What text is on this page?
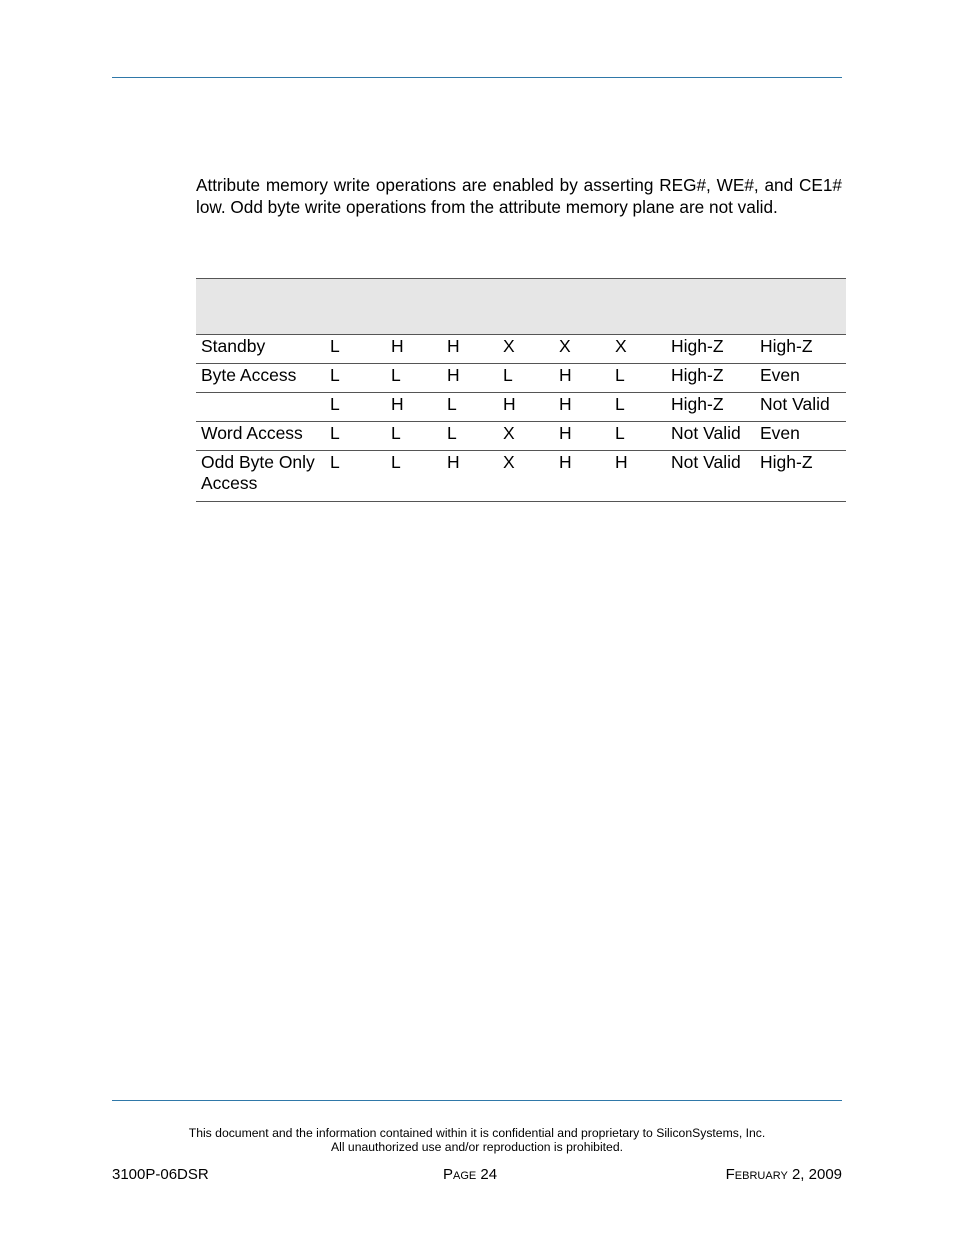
Attribute memory write operations are enabled by asserting REG#, WE#, and CE1# low. Odd byte write operations from the attribute memory plane are not valid.

Standby	L	H	H	X	X	X	High-Z	High-Z
Byte Access	L	L	H	L	H	L	High-Z	Even
	L	H	L	H	H	L	High-Z	Not Valid
Word Access	L	L	L	X	H	L	Not Valid	Even
Odd Byte Only Access	L	L	H	X	H	H	Not Valid	High-Z
This document and the information contained within it is confidential and proprietary to SiliconSystems, Inc.
All unauthorized use and/or reproduction is prohibited.
3100P-06DSR	Page 24	February 2, 2009
